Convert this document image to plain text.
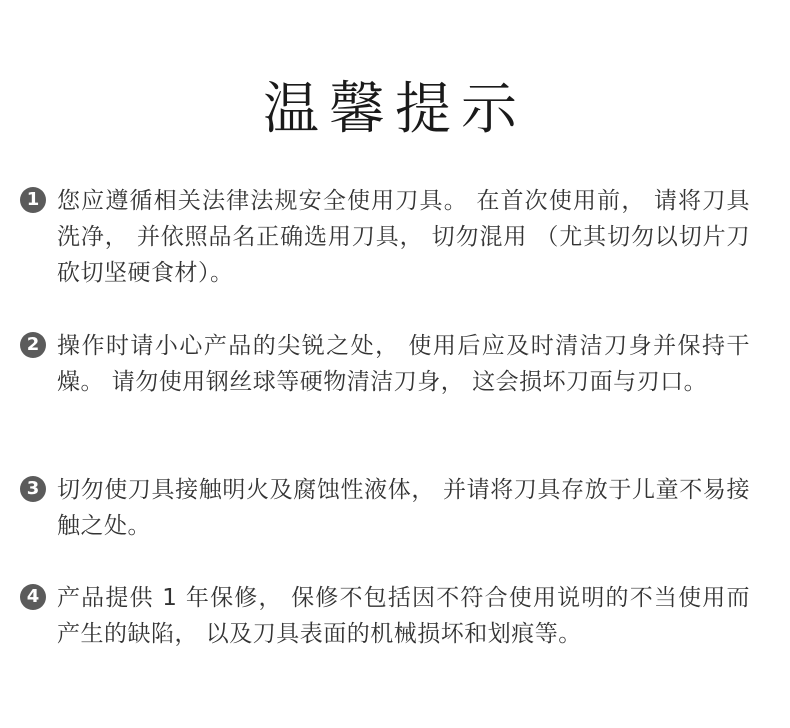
温馨提示
1 您应遵循相关法律法规安全使用刀具。 在首次使用前， 请将刀具洗净， 并依照品名正确选用刀具， 切勿混用 （尤其切勿以切片刀砍切坚硬食材）。

2 操作时请小心产品的尖锐之处， 使用后应及时清洁刀身并保持干燥。 请勿使用钢丝球等硬物清洁刀身， 这会损坏刀面与刃口。

3 切勿使刀具接触明火及腐蚀性液体， 并请将刀具存放于儿童不易接触之处。

4 产品提供 1 年保修， 保修不包括因不符合使用说明的不当使用而产生的缺陷， 以及刀具表面的机械损坏和划痕等。
